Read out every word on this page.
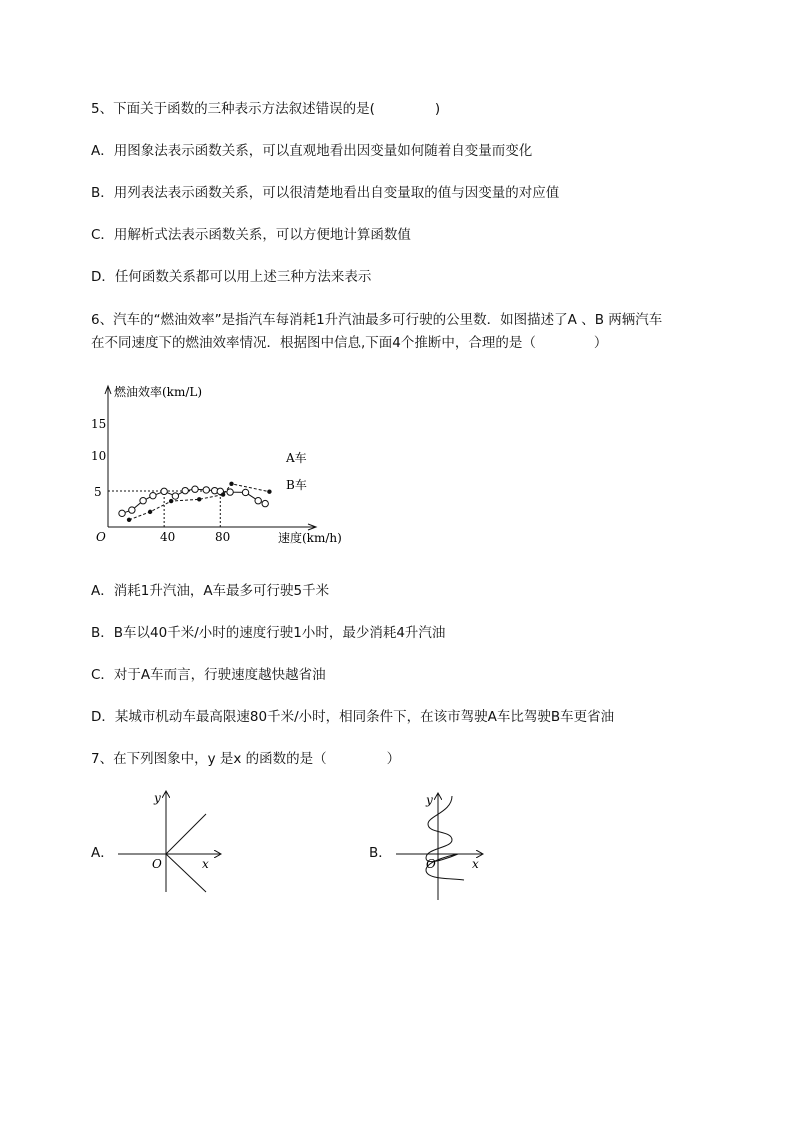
5、下面关于函数的三种表示方法叙述错误的是(	)
A．用图象法表示函数关系，可以直观地看出因变量如何随着自变量而变化
B．用列表法表示函数关系，可以很清楚地看出自变量取的值与因变量的对应值
C．用解析式法表示函数关系，可以方便地计算函数值
D．任何函数关系都可以用上述三种方法来表示
6、汽车的“燃油效率”是指汽车每消耗1升汽油最多可行驶的公里数．如图描述了A 、B 两辆汽车
在不同速度下的燃油效率情况．根据图中信息,下面4个推断中，合理的是（	）
燃油效率(km/L)
速度(km/h)
O
5
10
15
40	80
A车
B车
A．消耗1升汽油，A车最多可行驶5千米
B．B车以40千米/小时的速度行驶1小时，最少消耗4升汽油
C．对于A车而言，行驶速度越快越省油
D．某城市机动车最高限速80千米/小时，相同条件下，在该市驾驶A车比驾驶B车更省油
7、在下列图象中，y 是x 的函数的是（	）
A．
y
x
O
B．
y
x
O
